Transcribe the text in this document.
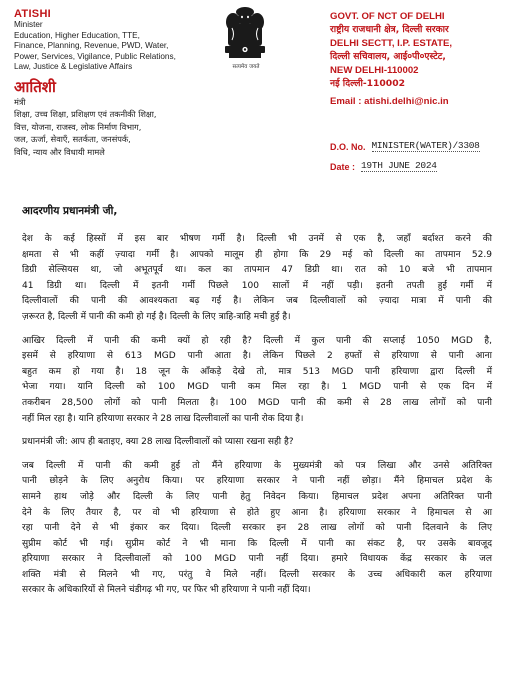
ATISHI
Minister
Education, Higher Education, TTE,
Finance, Planning, Revenue, PWD, Water,
Power, Services, Vigilance, Public Relations,
Law, Justice & Legislative Affairs
आतिशी
मंत्री
शिक्षा, उच्च शिक्षा, प्रशिक्षण एवं तकनीकी शिक्षा,
वित्त, योजना, राजस्व, लोक निर्माण विभाग,
जल, ऊर्जा, सेवाएँ, सतर्कता, जनसंपर्क,
विधि, न्याय और विधायी मामले
सत्यमेव जयते
GOVT. OF NCT OF DELHI
राष्ट्रीय राजधानी क्षेत्र, दिल्ली सरकार
DELHI SECTT, I.P. ESTATE,
दिल्ली सचिवालय, आई०पी०एस्टेट,
NEW DELHI-110002
नई दिल्ली-110002
Email : atishi.delhi@nic.in
D.O. No. MINISTER(WATER)/3308
Date : 19TH JUNE 2024
आदरणीय प्रधानमंत्री जी,

देश के कई हिस्सों में इस बार भीषण गर्मी है। दिल्ली भी उनमें से एक है, जहाँ बर्दाश्त करने की
क्षमता से भी कहीं ज़्यादा गर्मी है। आपको मालूम ही होगा कि 29 मई को दिल्ली का तापमान 52.9
डिग्री सेल्सियस था, जो अभूतपूर्व था। कल का तापमान 47 डिग्री था। रात को 10 बजे भी तापमान
41 डिग्री था। दिल्ली में इतनी गर्मी पिछले 100 सालों में नहीं पड़ी। इतनी तपती हुई गर्मी में
दिल्लीवालों की पानी की आवश्यकता बढ़ गई है। लेकिन जब दिल्लीवालों को ज़्यादा मात्रा में पानी की
ज़रूरत है, दिल्ली में पानी की कमी हो गई है। दिल्ली के लिए त्राहि-त्राहि मची हुई है।

आखिर दिल्ली में पानी की कमी क्यों हो रही है? दिल्ली में कुल पानी की सप्लाई 1050 MGD है,
इसमें से हरियाणा से 613 MGD पानी आता है। लेकिन पिछले 2 हफ्तों से हरियाणा से पानी आना
बहुत कम हो गया है। 18 जून के आँकड़े देखे तो, मात्र 513 MGD पानी हरियाणा द्वारा दिल्ली में
भेजा गया। यानि दिल्ली को 100 MGD पानी कम मिल रहा है। 1 MGD पानी से एक दिन में
तकरीबन 28,500 लोगों को पानी मिलता है। 100 MGD पानी की कमी से 28 लाख लोगों को पानी
नहीं मिल रहा है। यानि हरियाणा सरकार ने 28 लाख दिल्लीवालों का पानी रोक दिया है।

प्रधानमंत्री जी: आप ही बताइए, क्या 28 लाख दिल्लीवालों को प्यासा रखना सही है?

जब दिल्ली में पानी की कमी हुई तो मैंने हरियाणा के मुख्यमंत्री को पत्र लिखा और उनसे अतिरिक्त
पानी छोड़ने के लिए अनुरोध किया। पर हरियाणा सरकार ने पानी नहीं छोड़ा। मैंने हिमाचल प्रदेश के
सामने हाथ जोड़े और दिल्ली के लिए पानी हेतु निवेदन किया। हिमाचल प्रदेश अपना अतिरिक्त पानी
देने के लिए तैयार है, पर वो भी हरियाणा से होते हुए आना है। हरियाणा सरकार ने हिमाचल से आ
रहा पानी देने से भी इंकार कर दिया। दिल्ली सरकार इन 28 लाख लोगों को पानी दिलवाने के लिए
सुप्रीम कोर्ट भी गई। सुप्रीम कोर्ट ने भी माना कि दिल्ली में पानी का संकट है, पर उसके बावजूद
हरियाणा सरकार ने दिल्लीवालों को 100 MGD पानी नहीं दिया। हमारे विधायक केंद्र सरकार के जल
शक्ति मंत्री से मिलने भी गए, परंतु वे मिले नहीं। दिल्ली सरकार के उच्च अधिकारी कल हरियाणा
सरकार के अधिकारियों से मिलने चंडीगढ़ भी गए, पर फिर भी हरियाणा ने पानी नहीं दिया।
